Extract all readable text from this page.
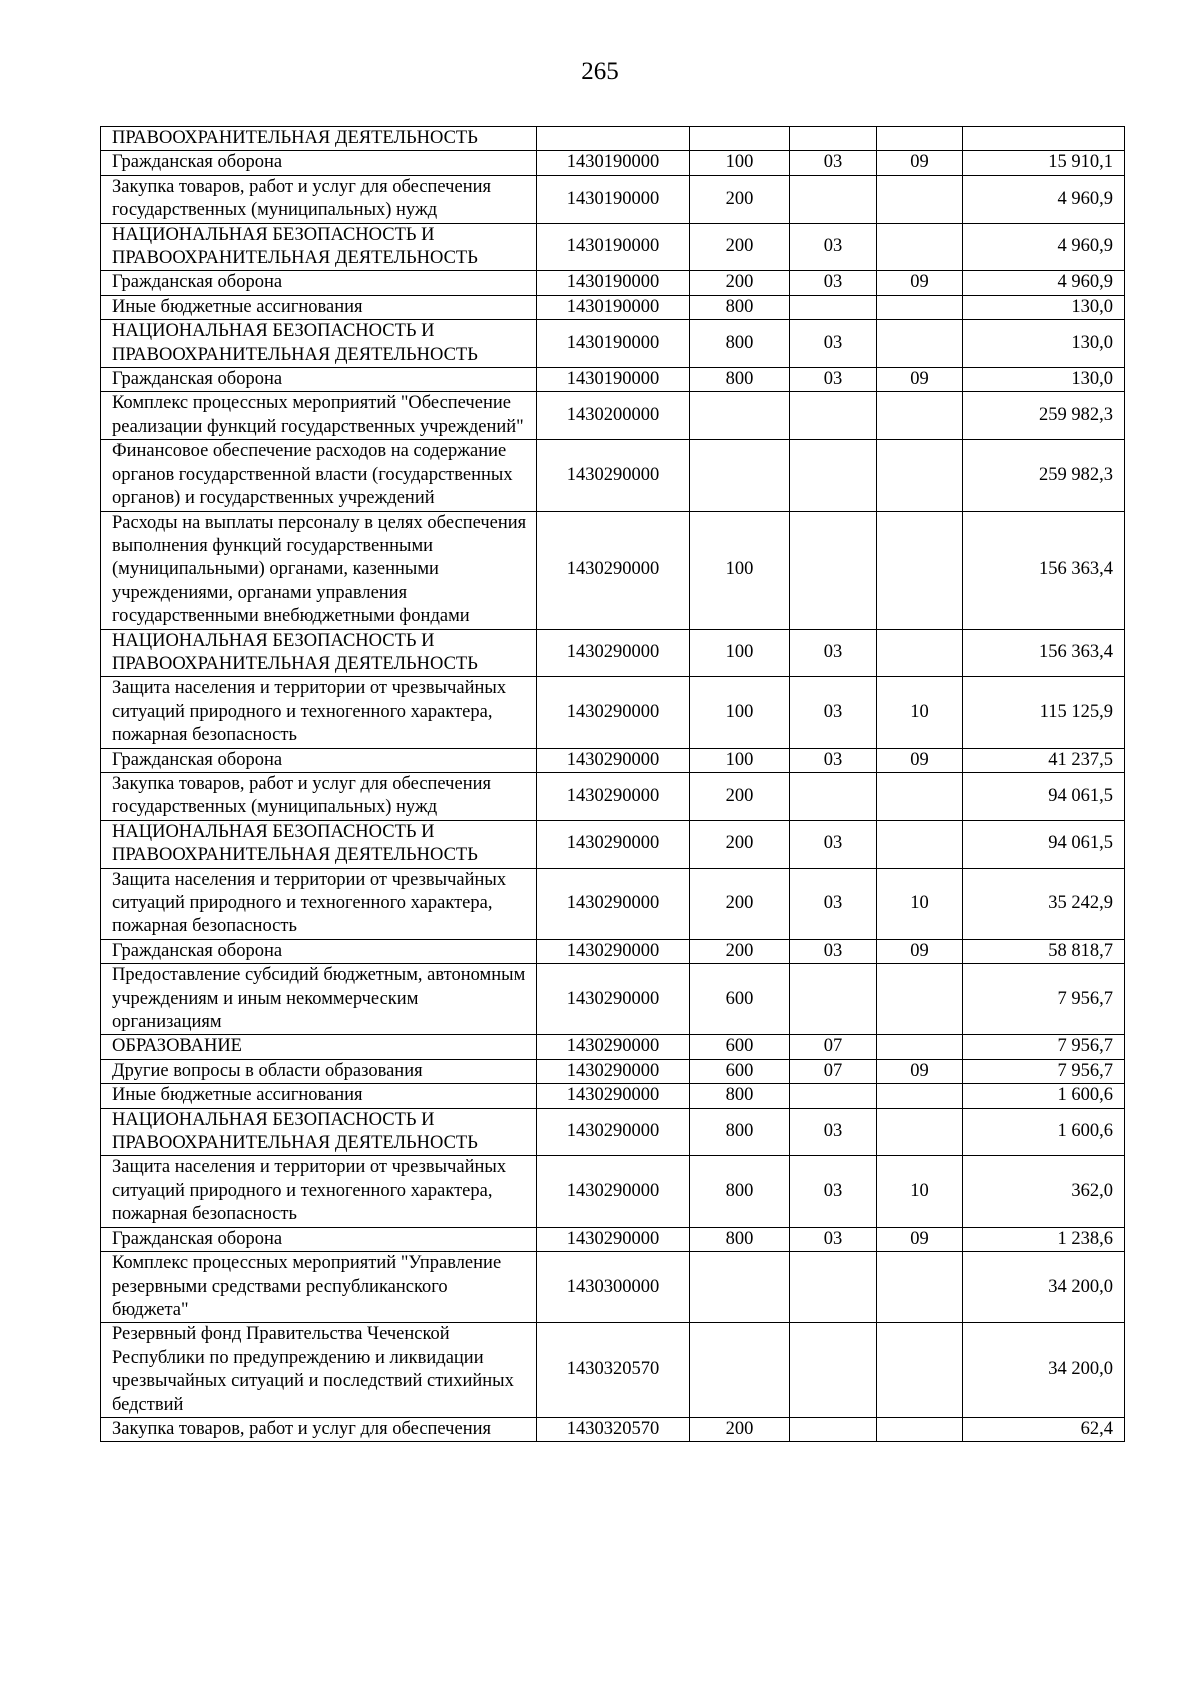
265
ПРАВООХРАНИТЕЛЬНАЯ ДЕЯТЕЛЬНОСТЬ					
Гражданская оборона	1430190000	100	03	09	15 910,1
Закупка товаров, работ и услуг для обеспечения государственных (муниципальных) нужд	1430190000	200			4 960,9
НАЦИОНАЛЬНАЯ БЕЗОПАСНОСТЬ И ПРАВООХРАНИТЕЛЬНАЯ ДЕЯТЕЛЬНОСТЬ	1430190000	200	03		4 960,9
Гражданская оборона	1430190000	200	03	09	4 960,9
Иные бюджетные ассигнования	1430190000	800			130,0
НАЦИОНАЛЬНАЯ БЕЗОПАСНОСТЬ И ПРАВООХРАНИТЕЛЬНАЯ ДЕЯТЕЛЬНОСТЬ	1430190000	800	03		130,0
Гражданская оборона	1430190000	800	03	09	130,0
Комплекс процессных мероприятий "Обеспечение реализации функций государственных учреждений"	1430200000				259 982,3
Финансовое обеспечение расходов на содержание органов государственной власти (государственных органов) и государственных учреждений	1430290000				259 982,3
Расходы на выплаты персоналу в целях обеспечения выполнения функций государственными (муниципальными) органами, казенными учреждениями, органами управления государственными внебюджетными фондами	1430290000	100			156 363,4
НАЦИОНАЛЬНАЯ БЕЗОПАСНОСТЬ И ПРАВООХРАНИТЕЛЬНАЯ ДЕЯТЕЛЬНОСТЬ	1430290000	100	03		156 363,4
Защита населения и территории от чрезвычайных ситуаций природного и техногенного характера, пожарная безопасность	1430290000	100	03	10	115 125,9
Гражданская оборона	1430290000	100	03	09	41 237,5
Закупка товаров, работ и услуг для обеспечения государственных (муниципальных) нужд	1430290000	200			94 061,5
НАЦИОНАЛЬНАЯ БЕЗОПАСНОСТЬ И ПРАВООХРАНИТЕЛЬНАЯ ДЕЯТЕЛЬНОСТЬ	1430290000	200	03		94 061,5
Защита населения и территории от чрезвычайных ситуаций природного и техногенного характера, пожарная безопасность	1430290000	200	03	10	35 242,9
Гражданская оборона	1430290000	200	03	09	58 818,7
Предоставление субсидий бюджетным, автономным учреждениям и иным некоммерческим организациям	1430290000	600			7 956,7
ОБРАЗОВАНИЕ	1430290000	600	07		7 956,7
Другие вопросы в области образования	1430290000	600	07	09	7 956,7
Иные бюджетные ассигнования	1430290000	800			1 600,6
НАЦИОНАЛЬНАЯ БЕЗОПАСНОСТЬ И ПРАВООХРАНИТЕЛЬНАЯ ДЕЯТЕЛЬНОСТЬ	1430290000	800	03		1 600,6
Защита населения и территории от чрезвычайных ситуаций природного и техногенного характера, пожарная безопасность	1430290000	800	03	10	362,0
Гражданская оборона	1430290000	800	03	09	1 238,6
Комплекс процессных мероприятий "Управление резервными средствами республиканского бюджета"	1430300000				34 200,0
Резервный фонд Правительства Чеченской Республики по предупреждению и ликвидации чрезвычайных ситуаций и последствий стихийных бедствий	1430320570				34 200,0
Закупка товаров, работ и услуг для обеспечения	1430320570	200			62,4
